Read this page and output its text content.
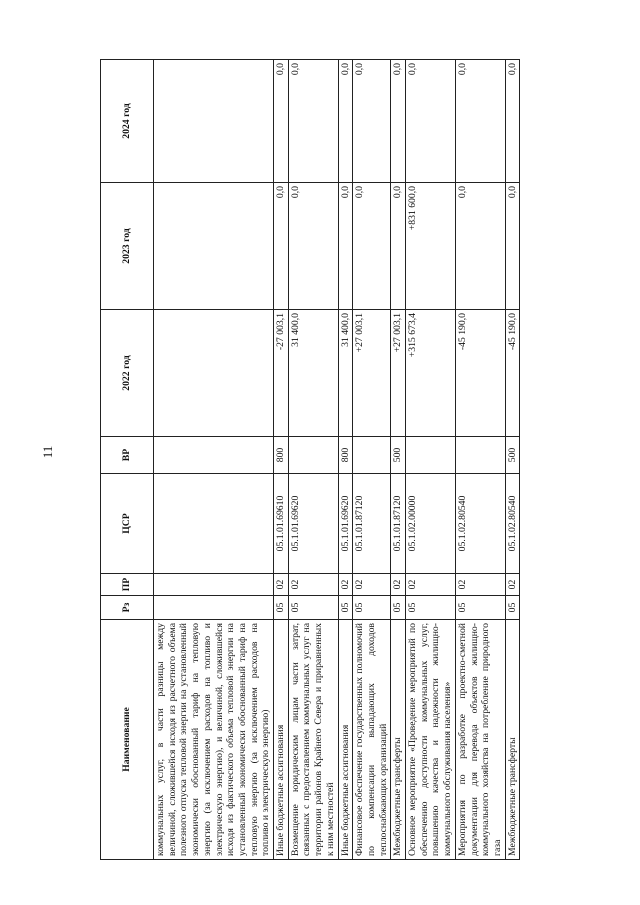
11
Наименование	Рз	ПР	ЦСР	ВР	2022 год	2023 год	2024 год
коммунальных услуг, в части разницы между величиной, сложившейся исходя из расчетного объема полезного отпуска тепловой энергии на установленный экономически обоснованный тариф на тепловую энергию (за исключением расходов на топливо и электрическую энергию), и величиной, сложившейся исходя из фактического объема тепловой энергии на установленный экономически обоснованный тариф на тепловую энергию (за исключением расходов на топливо и электрическую энергию)							
Иные бюджетные ассигнования	05	02	05.1.01.69610	800	-27 003,1	0,0	0,0
Возмещение юридическим лицам части затрат, связанных с предоставлением коммунальных услуг на территории районов Крайнего Севера и приравненных к ним местностей	05	02	05.1.01.69620		31 400,0	0,0	0,0
Иные бюджетные ассигнования	05	02	05.1.01.69620	800	31 400,0	0,0	0,0
Финансовое обеспечение государственных полномочий по компенсации выпадающих доходов теплоснабжающих организаций	05	02	05.1.01.87120		+27 003,1	0,0	0,0
Межбюджетные трансферты	05	02	05.1.01.87120	500	+27 003,1	0,0	0,0
Основное мероприятие «Проведение мероприятий по обеспечению доступности коммунальных услуг, повышению качества и надежности жилищно-коммунального обслуживания населения»	05	02	05.1.02.00000		+315 673,4	+831 600,0	0,0
Мероприятия по разработке проектно-сметной документации для перевода объектов жилищно-коммунального хозяйства на потребление природного газа	05	02	05.1.02.80540		-45 190,0	0,0	0,0
Межбюджетные трансферты	05	02	05.1.02.80540	500	-45 190,0	0,0	0,0
